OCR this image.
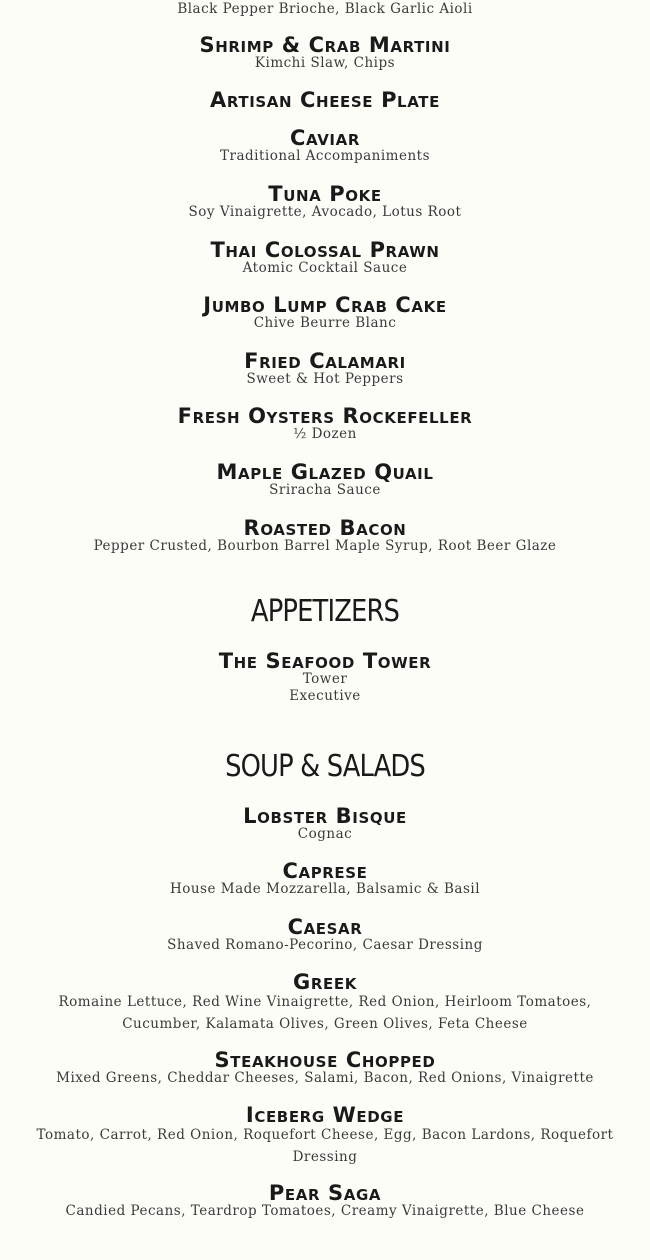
Black Pepper Brioche, Black Garlic Aioli
Shrimp & Crab Martini
Kimchi Slaw, Chips
Artisan Cheese Plate
Caviar
Traditional Accompaniments
Tuna Poke
Soy Vinaigrette, Avocado, Lotus Root
Thai Colossal Prawn
Atomic Cocktail Sauce
Jumbo Lump Crab Cake
Chive Beurre Blanc
Fried Calamari
Sweet & Hot Peppers
Fresh Oysters Rockefeller
½ Dozen
Maple Glazed Quail
Sriracha Sauce
Roasted Bacon
Pepper Crusted, Bourbon Barrel Maple Syrup, Root Beer Glaze
APPETIZERS
The Seafood Tower
Tower
Executive
SOUP & SALADS
Lobster Bisque
Cognac
Caprese
House Made Mozzarella, Balsamic & Basil
Caesar
Shaved Romano-Pecorino, Caesar Dressing
Greek
Romaine Lettuce, Red Wine Vinaigrette, Red Onion, Heirloom Tomatoes,
Cucumber, Kalamata Olives, Green Olives, Feta Cheese
Steakhouse Chopped
Mixed Greens, Cheddar Cheeses, Salami, Bacon, Red Onions, Vinaigrette
Iceberg Wedge
Tomato, Carrot, Red Onion, Roquefort Cheese, Egg, Bacon Lardons, Roquefort
Dressing
Pear Saga
Candied Pecans, Teardrop Tomatoes, Creamy Vinaigrette, Blue Cheese
